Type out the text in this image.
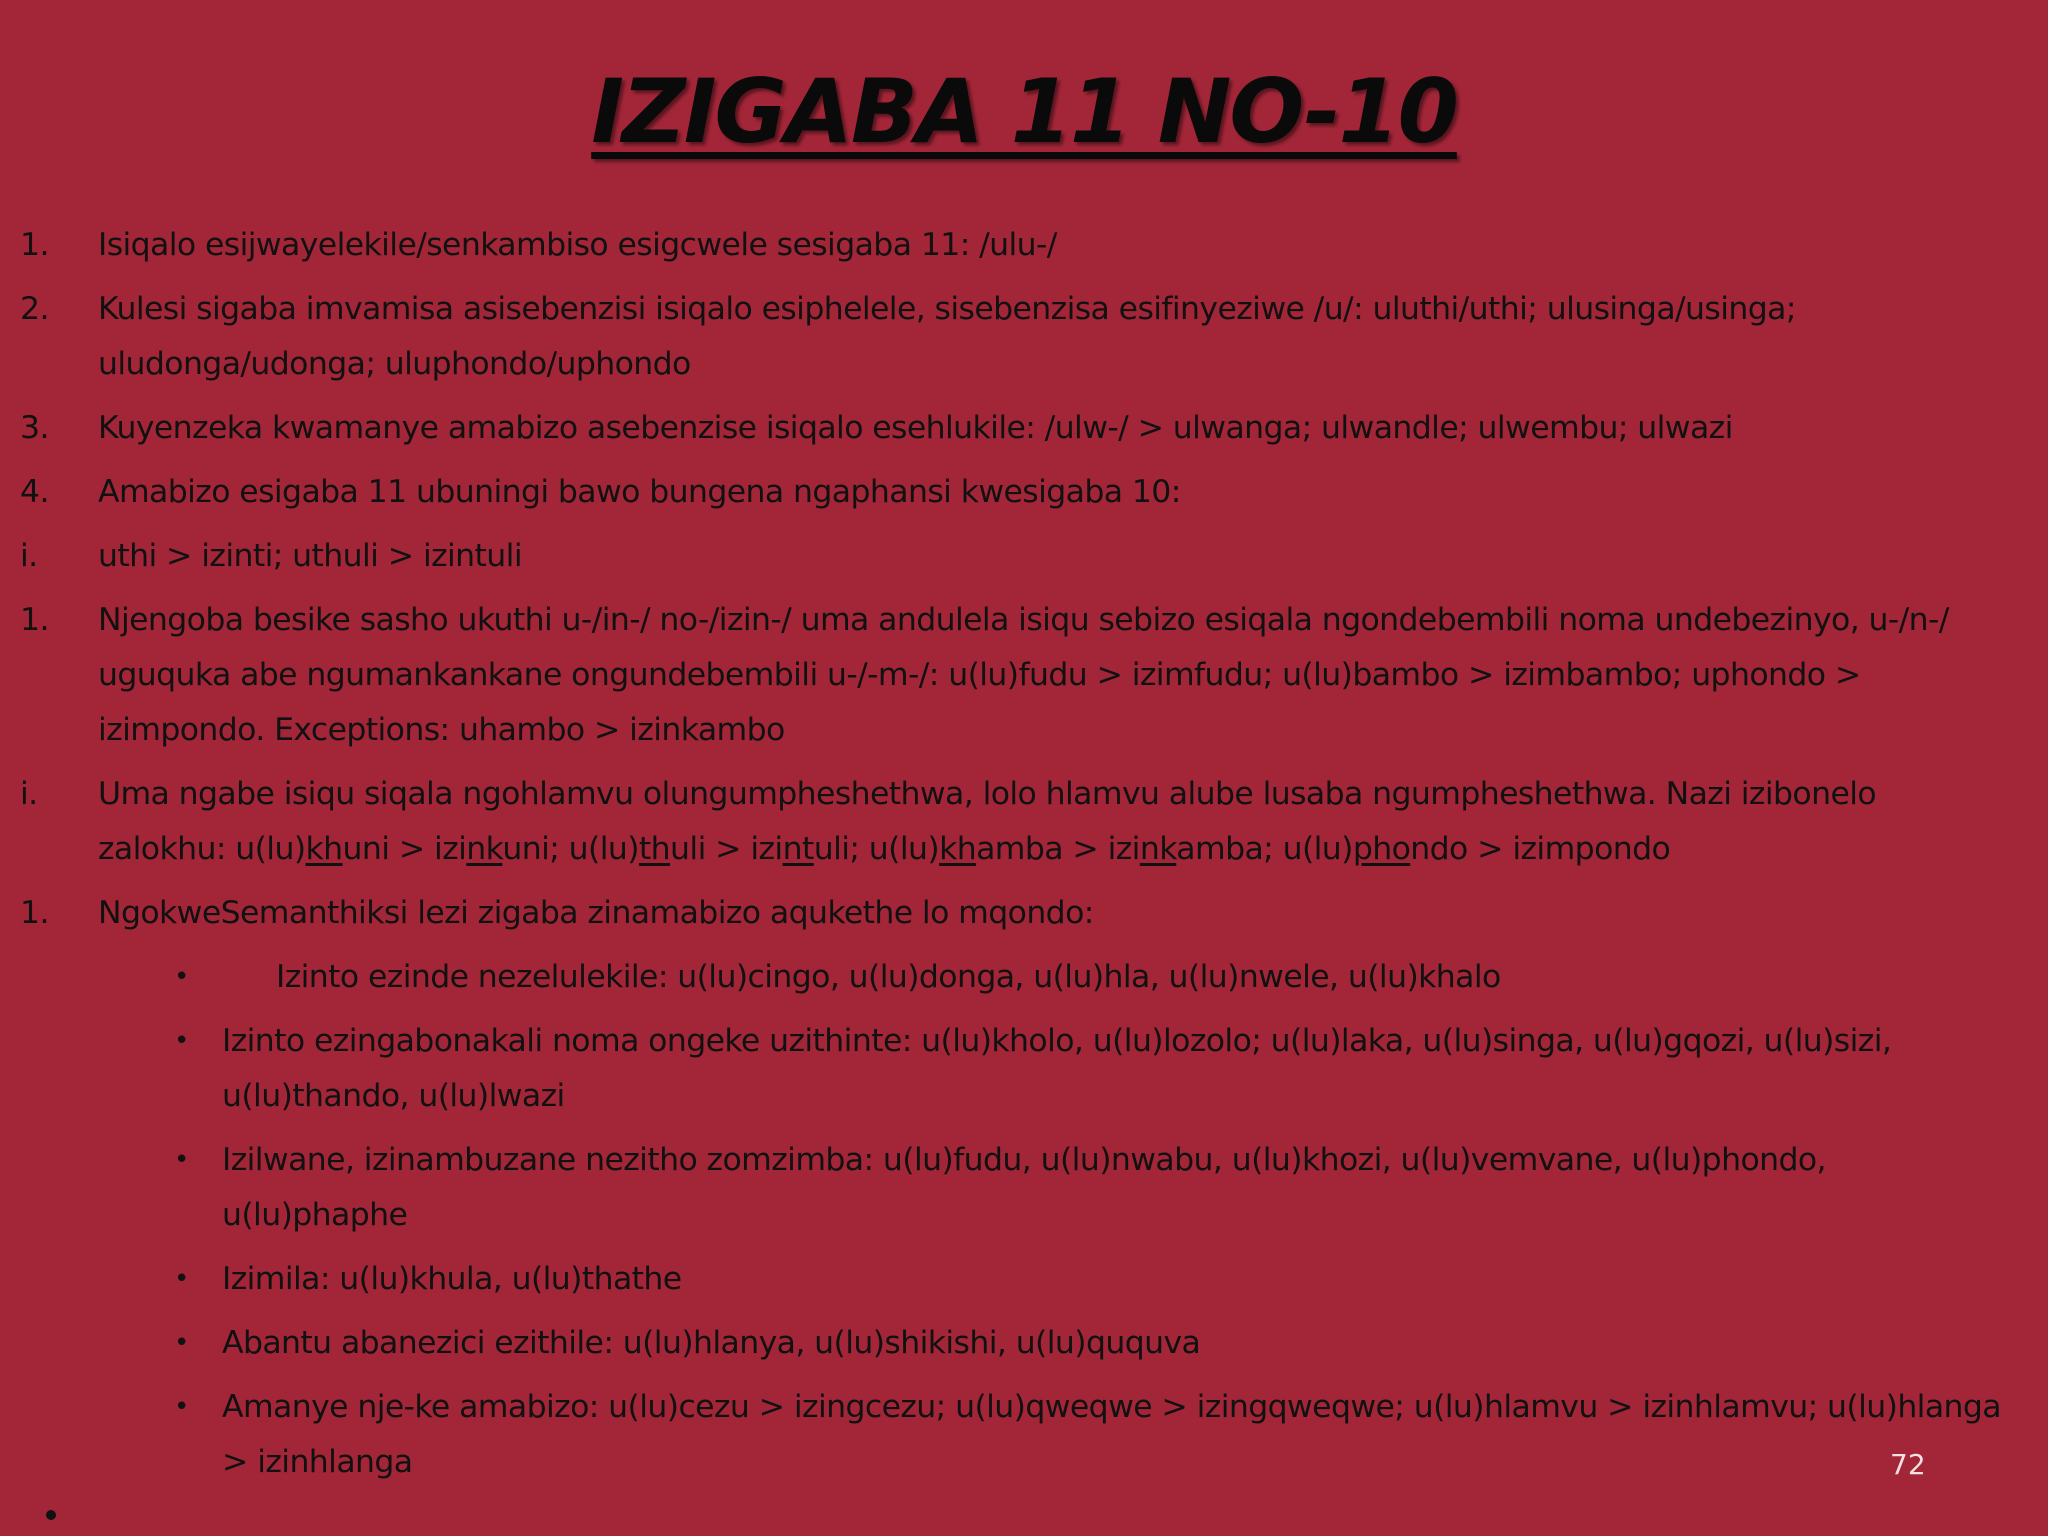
IZIGABA 11 NO-10
1. Isiqalo esijwayelekile/senkambiso esigcwele sesigaba 11: /ulu-/
2. Kulesi sigaba imvamisa asisebenzisi isiqalo esiphelele, sisebenzisa esifinyeziwe /u/: uluthi/uthi; ulusinga/usinga; uludonga/udonga; uluphondo/uphondo
3. Kuyenzeka kwamanye amabizo asebenzise isiqalo esehlukile: /ulw-/ > ulwanga; ulwandle; ulwembu; ulwazi
4. Amabizo esigaba 11 ubuningi bawo bungena ngaphansi kwesigaba 10:
i. uthi > izinti; uthuli > izintuli
1. Njengoba besike sasho ukuthi u-/in-/ no-/izin-/ uma andulela isiqu sebizo esiqala ngondebembili noma undebezinyo, u-/n-/ uguquka abe ngumankankane ongundebembili u-/-m-/: u(lu)fudu > izimfudu; u(lu)bambo > izimbambo; uphondo > izimpondo. Exceptions: uhambo > izinkambo
i. Uma ngabe isiqu siqala ngohlamvu olungumpheshethwa, lolo hlamvu alube lusaba ngumpheshethwa. Nazi izibonelo zalokhu: u(lu)khuni > izinkuni; u(lu)thuli > izintuli; u(lu)khamba > izinkamba; u(lu)phondo > izimpondo
1. NgokweSemanthiksi lezi zigaba zinamabizo aqukethe lo mqondo:
•	Izinto ezinde nezelulekile: u(lu)cingo, u(lu)donga, u(lu)hla, u(lu)nwele, u(lu)khalo
• Izinto ezingabonakali noma ongeke uzithinte: u(lu)kholo, u(lu)lozolo; u(lu)laka, u(lu)singa, u(lu)gqozi, u(lu)sizi, u(lu)thando, u(lu)lwazi
• Izilwane, izinambuzane nezitho zomzimba: u(lu)fudu, u(lu)nwabu, u(lu)khozi, u(lu)vemvane, u(lu)phondo, u(lu)phaphe
• Izimila: u(lu)khula, u(lu)thathe
• Abantu abanezici ezithile: u(lu)hlanya, u(lu)shikishi, u(lu)ququva
• Amanye nje-ke amabizo: u(lu)cezu > izingcezu; u(lu)qweqwe > izingqweqwe; u(lu)hlamvu > izinhlamvu; u(lu)hlanga > izinhlanga	72
